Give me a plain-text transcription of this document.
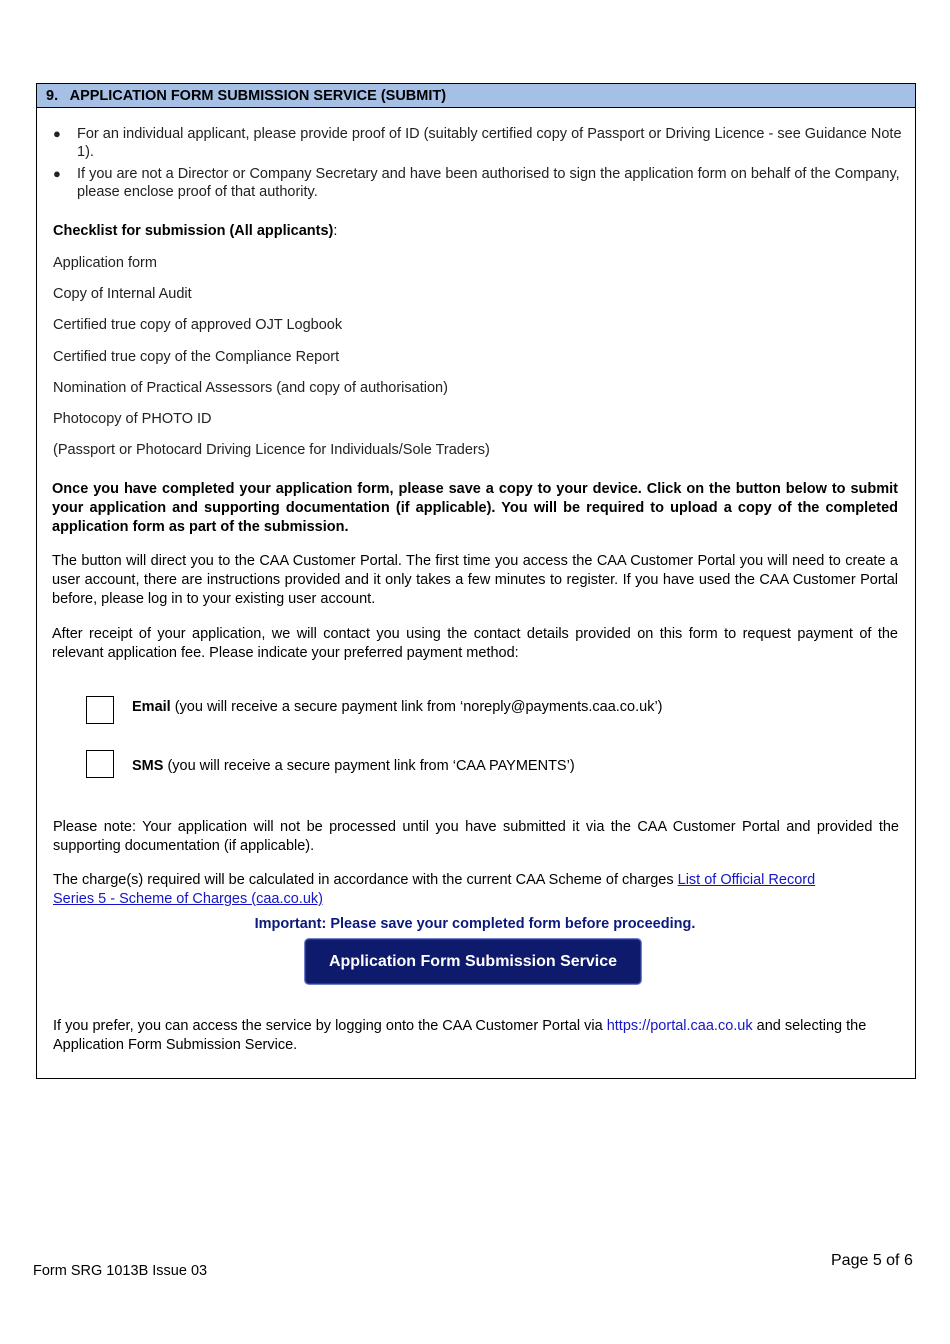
9. APPLICATION FORM SUBMISSION SERVICE (SUBMIT)
●	For an individual applicant, please provide proof of ID (suitably certified copy of Passport or Driving Licence - see Guidance Note 1).
●	If you are not a Director or Company Secretary and have been authorised to sign the application form on behalf of the Company, please enclose proof of that authority.
Checklist for submission (All applicants):
Application form
Copy of Internal Audit
Certified true copy of approved OJT Logbook
Certified true copy of the Compliance Report
Nomination of Practical Assessors (and copy of authorisation)
Photocopy of PHOTO ID
(Passport or Photocard Driving Licence for Individuals/Sole Traders)
Once you have completed your application form, please save a copy to your device. Click on the button below to submit your application and supporting documentation (if applicable). You will be required to upload a copy of the completed application form as part of the submission.
The button will direct you to the CAA Customer Portal. The first time you access the CAA Customer Portal you will need to create a user account, there are instructions provided and it only takes a few minutes to register. If you have used the CAA Customer Portal before, please log in to your existing user account.
After receipt of your application, we will contact you using the contact details provided on this form to request payment of the relevant application fee. Please indicate your preferred payment method:
Email (you will receive a secure payment link from ‘noreply@payments.caa.co.uk’)
SMS (you will receive a secure payment link from ‘CAA PAYMENTS’)
Please note: Your application will not be processed until you have submitted it via the CAA Customer Portal and provided the supporting documentation (if applicable).
The charge(s) required will be calculated in accordance with the current CAA Scheme of charges List of Official Record
Series 5 - Scheme of Charges (caa.co.uk)
Important: Please save your completed form before proceeding.
Application Form Submission Service
If you prefer, you can access the service by logging onto the CAA Customer Portal via https://portal.caa.co.uk and selecting the Application Form Submission Service.
Form SRG 1013B Issue 03
Page 5 of 6
